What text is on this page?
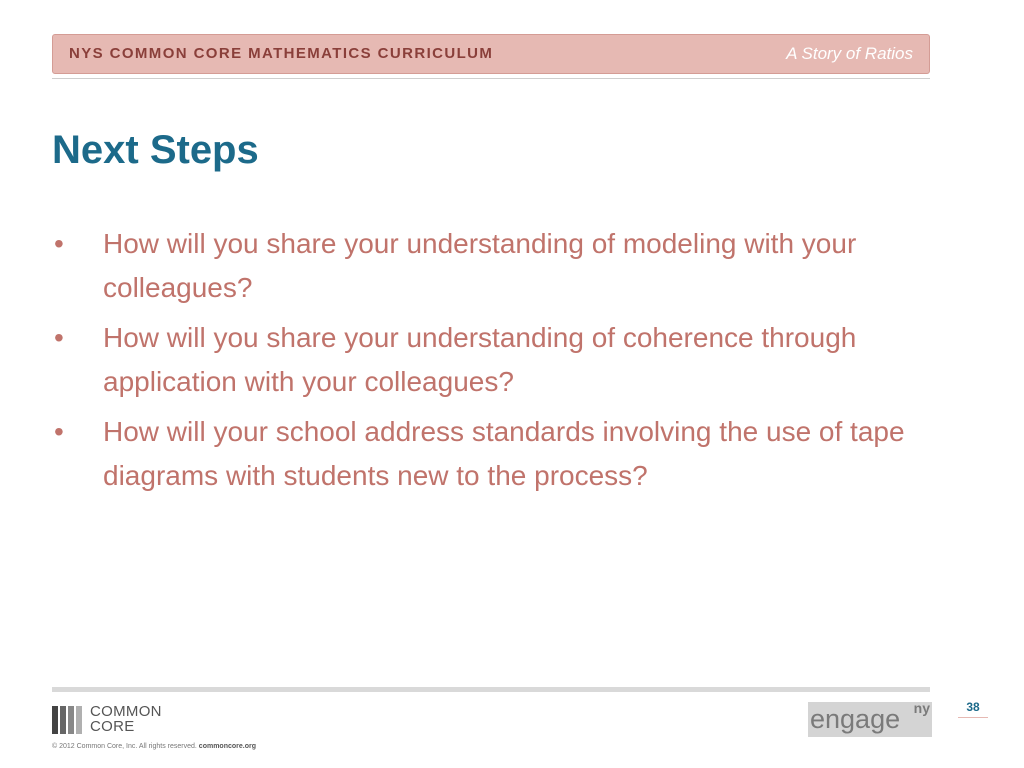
NYS COMMON CORE MATHEMATICS CURRICULUM	A Story of Ratios
Next Steps
• How will you share your understanding of modeling with your colleagues?
• How will you share your understanding of coherence through application with your colleagues?
• How will your school address standards involving the use of tape diagrams with students new to the process?
COMMON
CORE
© 2012 Common Core, Inc. All rights reserved. commoncore.org
engage ny	38
